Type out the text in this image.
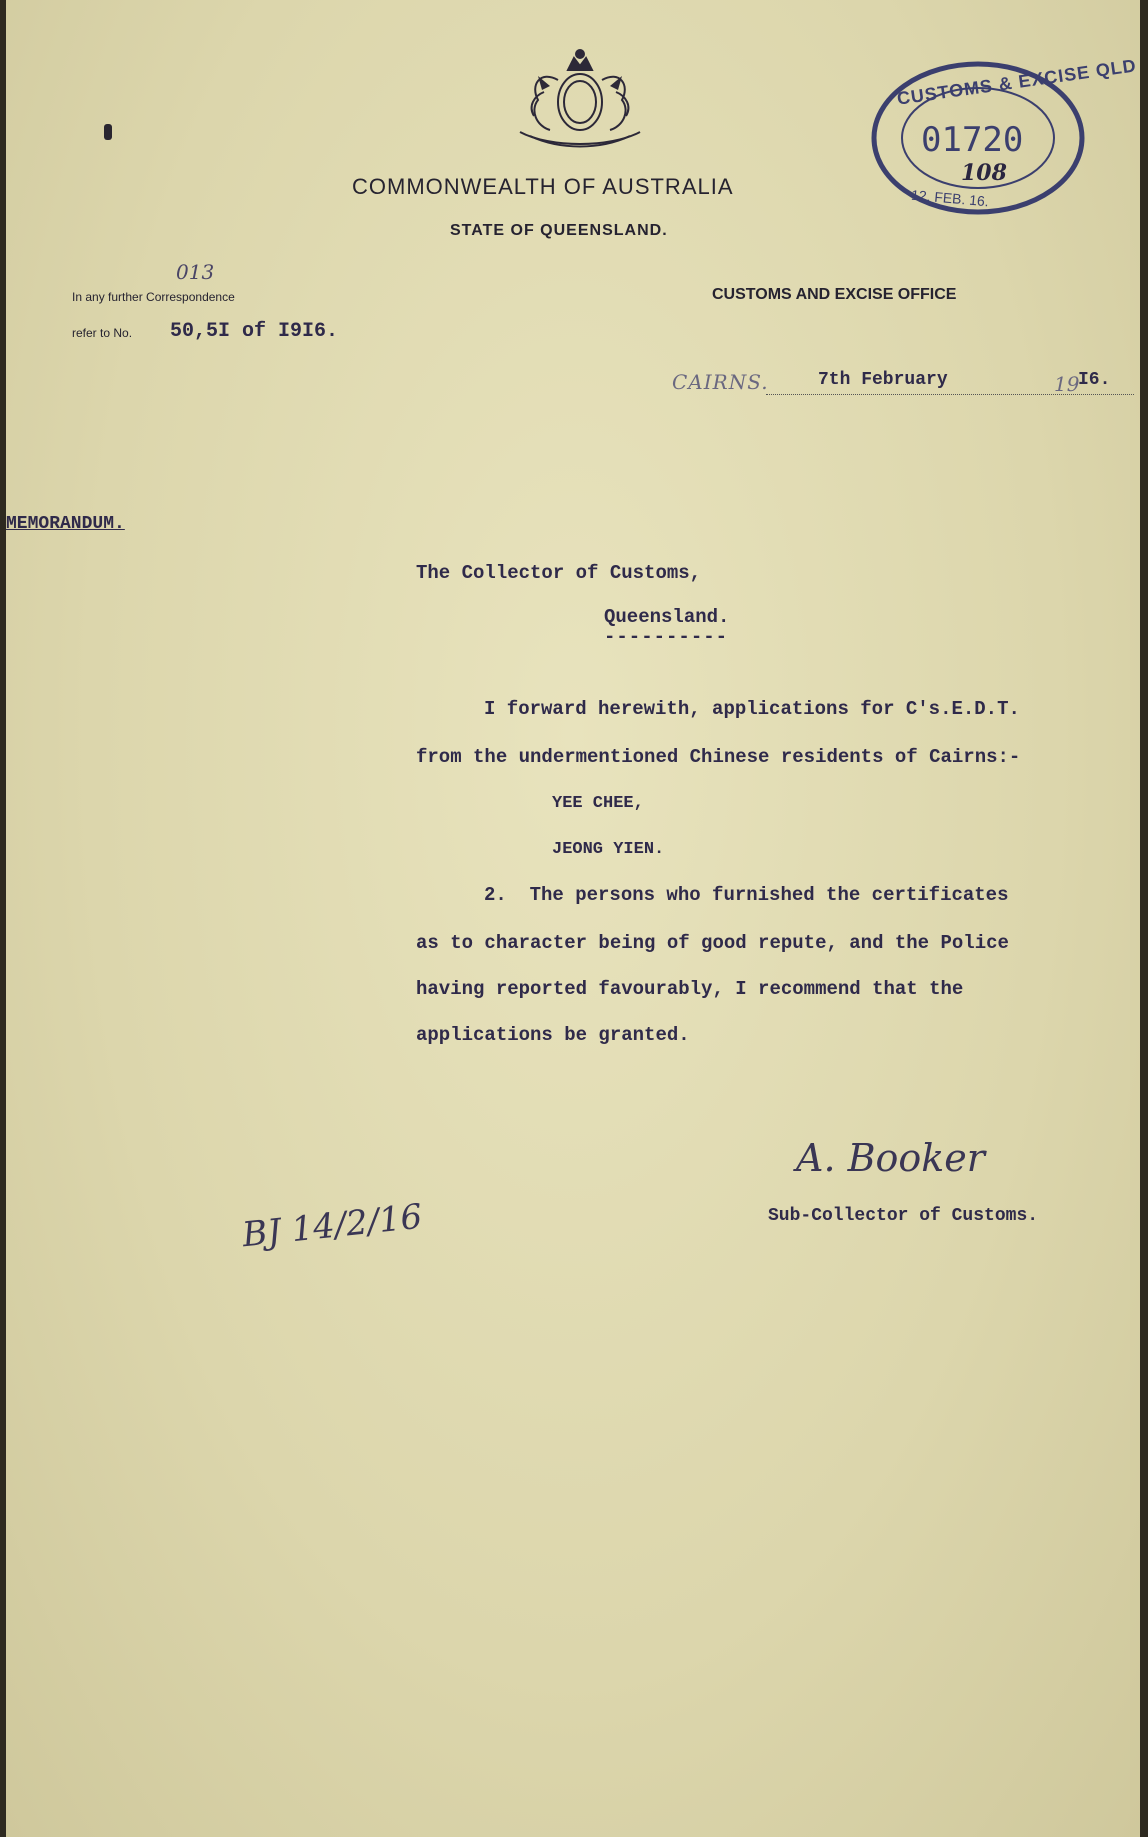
COMMONWEALTH OF AUSTRALIA
STATE OF QUEENSLAND.
CUSTOMS & EXCISE QLD
01720
108
12. FEB. 16.
013
In any further Correspondence
refer to No. 50,5I of I9I6.
CUSTOMS AND EXCISE OFFICE
CAIRNS.	7th February	19
I6.
MEMORANDUM.
The Collector of Customs,
Queensland.
----------
I forward herewith, applications for C's.E.D.T.
from the undermentioned Chinese residents of Cairns:-
YEE CHEE,
JEONG YIEN.
2.  The persons who furnished the certificates
as to character being of good repute, and the Police
having reported favourably, I recommend that the
applications be granted.
A. Booker
Sub-Collector of Customs.
BJ 14/2/16
